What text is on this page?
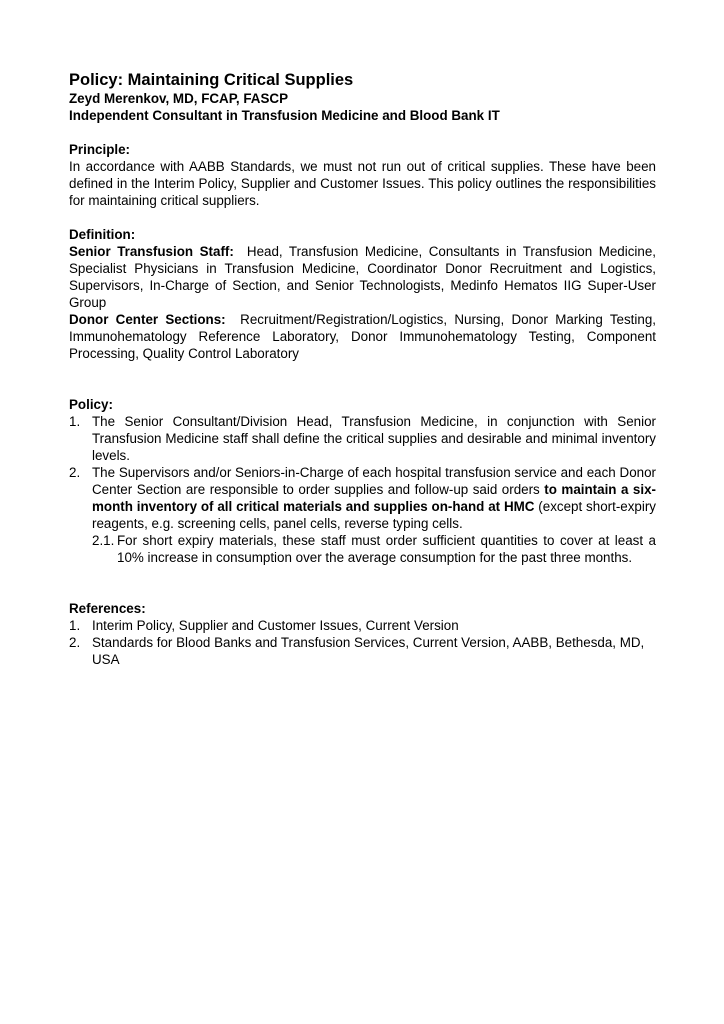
Policy: Maintaining Critical Supplies
Zeyd Merenkov, MD, FCAP, FASCP
Independent Consultant in Transfusion Medicine and Blood Bank IT
Principle:

In accordance with AABB Standards, we must not run out of critical supplies. These have been defined in the Interim Policy, Supplier and Customer Issues. This policy outlines the responsibilities for maintaining critical suppliers.

Definition:

Senior Transfusion Staff:  Head, Transfusion Medicine, Consultants in Transfusion Medicine, Specialist Physicians in Transfusion Medicine, Coordinator Donor Recruitment and Logistics, Supervisors, In-Charge of Section, and Senior Technologists, Medinfo Hematos IIG Super-User Group

Donor Center Sections:  Recruitment/Registration/Logistics, Nursing, Donor Marking Testing, Immunohematology Reference Laboratory, Donor Immunohematology Testing, Component Processing, Quality Control Laboratory

Policy:
1. The Senior Consultant/Division Head, Transfusion Medicine, in conjunction with Senior Transfusion Medicine staff shall define the critical supplies and desirable and minimal inventory levels.
2. The Supervisors and/or Seniors-in-Charge of each hospital transfusion service and each Donor Center Section are responsible to order supplies and follow-up said orders to maintain a six-month inventory of all critical materials and supplies on-hand at HMC (except short-expiry reagents, e.g. screening cells, panel cells, reverse typing cells.
2.1. For short expiry materials, these staff must order sufficient quantities to cover at least a 10% increase in consumption over the average consumption for the past three months.
References:
1. Interim Policy, Supplier and Customer Issues, Current Version
2. Standards for Blood Banks and Transfusion Services, Current Version, AABB, Bethesda, MD, USA
